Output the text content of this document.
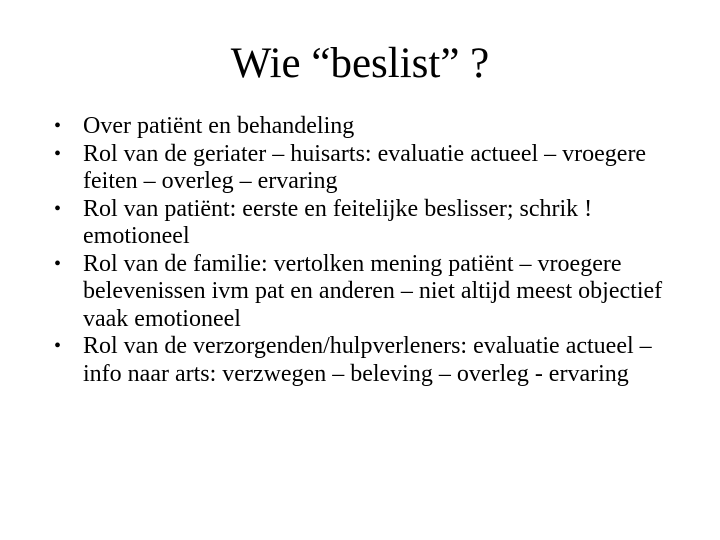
Wie “beslist” ?
• Over patiënt en behandeling
• Rol van de geriater – huisarts: evaluatie actueel – vroegere feiten – overleg – ervaring
• Rol van patiënt: eerste en feitelijke beslisser; schrik ! emotioneel
• Rol van de familie: vertolken mening patiënt – vroegere belevenissen ivm pat en anderen – niet altijd meest objectief vaak emotioneel
• Rol van de verzorgenden/hulpverleners: evaluatie actueel – info naar arts: verzwegen – beleving – overleg - ervaring
